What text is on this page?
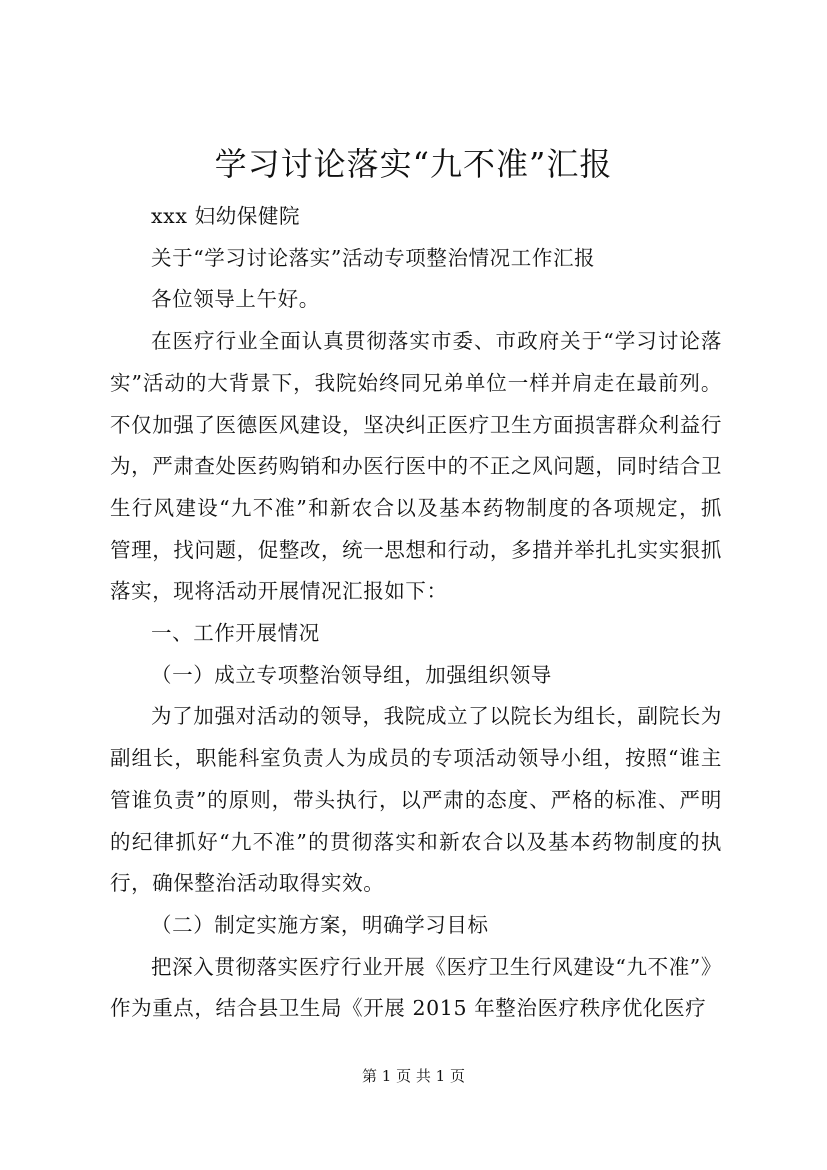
学习讨论落实“九不准”汇报

xxx 妇幼保健院

关于“学习讨论落实”活动专项整治情况工作汇报

各位领导上午好。

在医疗行业全面认真贯彻落实市委、市政府关于“学习讨论落实”活动的大背景下，我院始终同兄弟单位一样并肩走在最前列。不仅加强了医德医风建设，坚决纠正医疗卫生方面损害群众利益行为，严肃查处医药购销和办医行医中的不正之风问题，同时结合卫生行风建设“九不准”和新农合以及基本药物制度的各项规定，抓管理，找问题，促整改，统一思想和行动，多措并举扎扎实实狠抓落实，现将活动开展情况汇报如下：

一、工作开展情况

（一）成立专项整治领导组，加强组织领导

为了加强对活动的领导，我院成立了以院长为组长，副院长为副组长，职能科室负责人为成员的专项活动领导小组，按照“谁主管谁负责”的原则，带头执行，以严肃的态度、严格的标准、严明的纪律抓好“九不准”的贯彻落实和新农合以及基本药物制度的执行，确保整治活动取得实效。

（二）制定实施方案，明确学习目标

把深入贯彻落实医疗行业开展《医疗卫生行风建设“九不准”》作为重点，结合县卫生局《开展 2015 年整治医疗秩序优化医疗

第 1 页 共 1 页
